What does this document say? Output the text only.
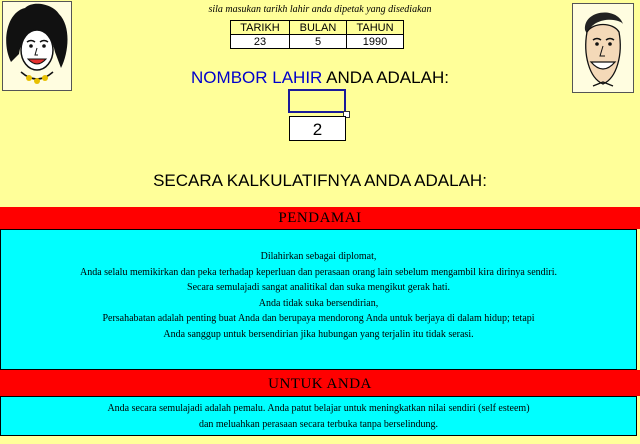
sila masukan tarikh lahir anda dipetak yang disediakan
TARIKH	BULAN	TAHUN
23	5	1990
NOMBOR LAHIR ANDA ADALAH:
2
SECARA KALKULATIFNYA ANDA ADALAH:
PENDAMAI
Dilahirkan sebagai diplomat,
Anda selalu memikirkan dan peka terhadap keperluan dan perasaan orang lain sebelum mengambil kira dirinya sendiri.
Secara semulajadi sangat analitikal dan suka mengikut gerak hati.
Anda tidak suka bersendirian,
Persahabatan adalah penting buat Anda dan berupaya mendorong Anda untuk berjaya di dalam hidup; tetapi
Anda sanggup untuk bersendirian jika hubungan yang terjalin itu tidak serasi.
UNTUK ANDA
Anda secara semulajadi adalah pemalu. Anda patut belajar untuk meningkatkan nilai sendiri (self esteem)
dan meluahkan perasaan secara terbuka tanpa berselindung.
